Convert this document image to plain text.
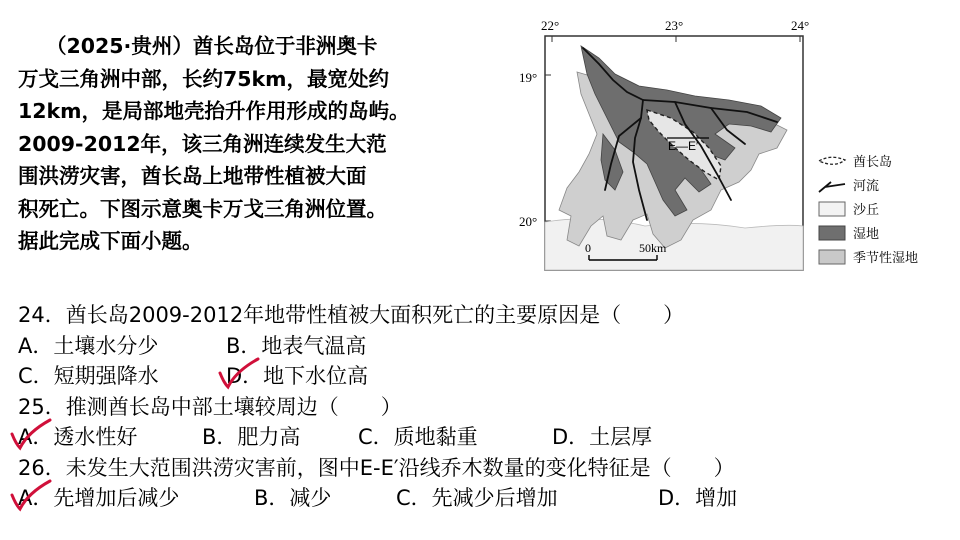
（2025·贵州）酋长岛位于非洲奥卡

万戈三角洲中部，长约75km，最宽处约

12km，是局部地壳抬升作用形成的岛屿。

2009-2012年，该三角洲连续发生大范

围洪涝灾害，酋长岛上地带性植被大面

积死亡。下图示意奥卡万戈三角洲位置。

据此完成下面小题。

22°	23°	24°
19°
20°
E—E′
0	50km
酋长岛
河流
沙丘
湿地
季节性湿地
24．酋长岛2009-2012年地带性植被大面积死亡的主要原因是（　　）
A．土壤水分少	B．地表气温高
C．短期强降水	D．地下水位高
25．推测酋长岛中部土壤较周边（　　）
A．透水性好	B．肥力高	C．质地黏重	D．土层厚
26．未发生大范围洪涝灾害前，图中E-E′沿线乔木数量的变化特征是（　　）
A．先增加后减少	B．减少	C．先减少后增加	D．增加
